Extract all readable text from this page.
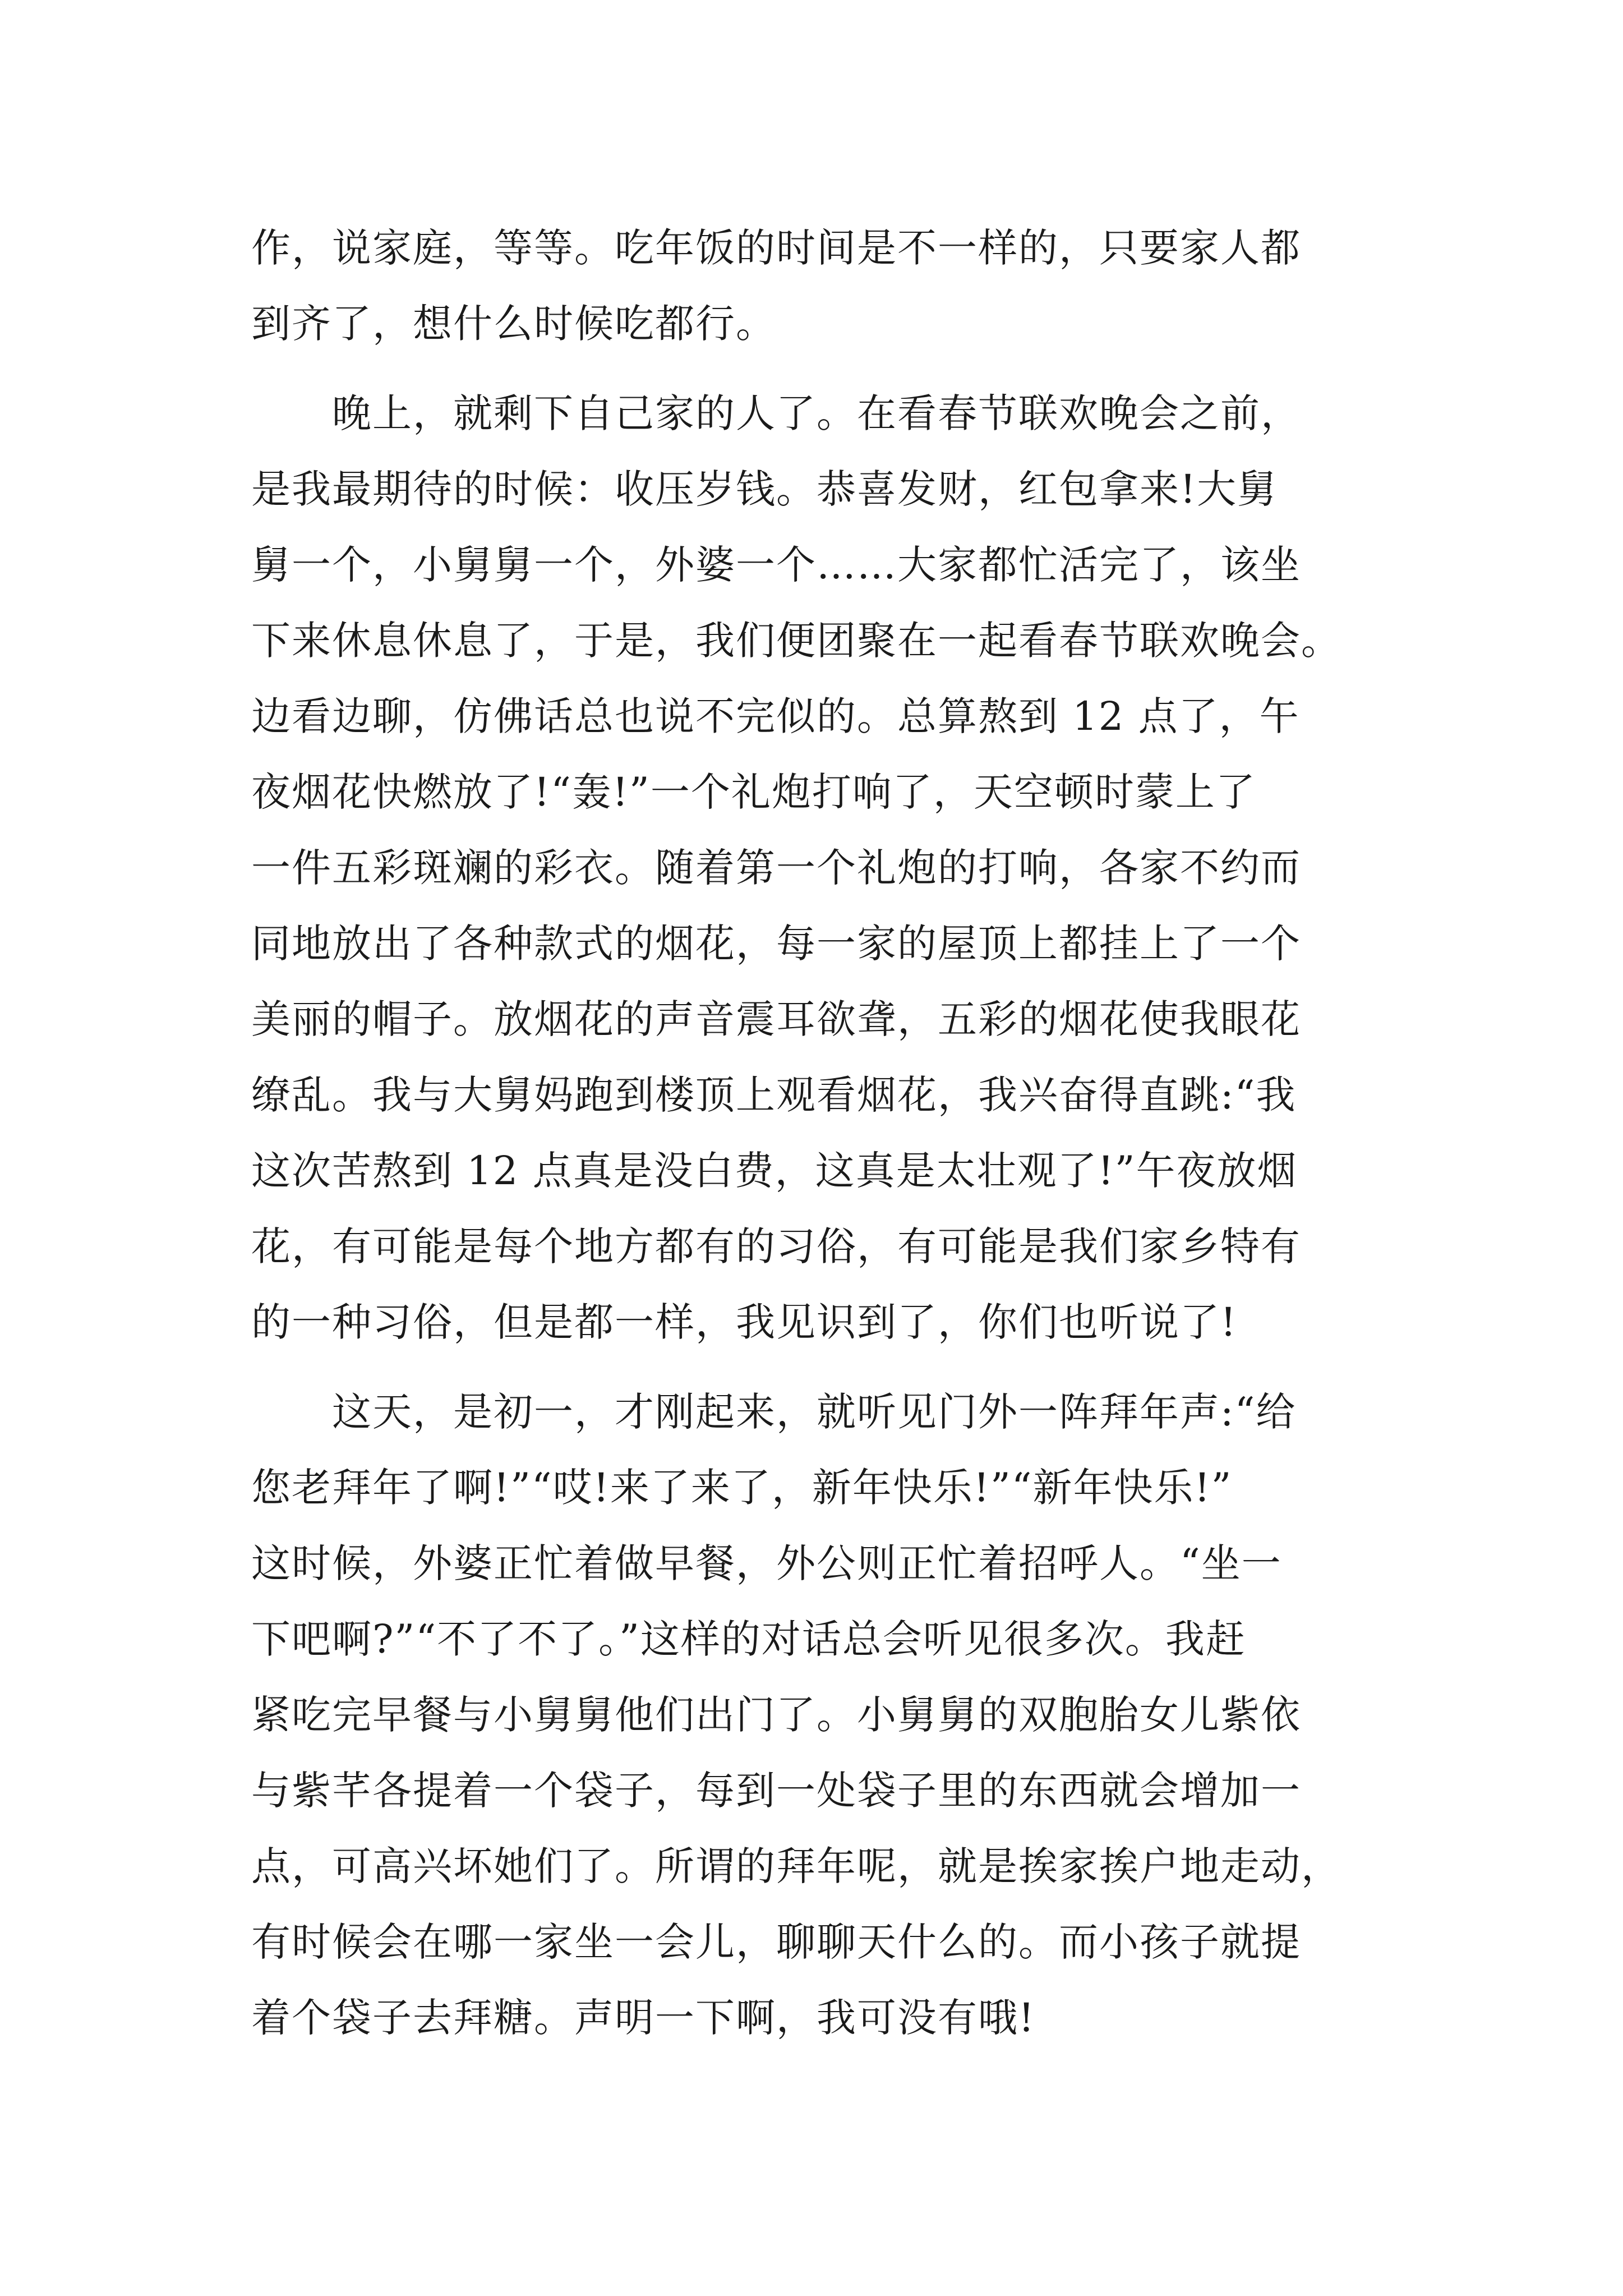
作，说家庭，等等。吃年饭的时间是不一样的，只要家人都
到齐了，想什么时候吃都行。
　　晚上，就剩下自己家的人了。在看春节联欢晚会之前，
是我最期待的时候：收压岁钱。恭喜发财，红包拿来!大舅
舅一个，小舅舅一个，外婆一个……大家都忙活完了，该坐
下来休息休息了，于是，我们便团聚在一起看春节联欢晚会。
边看边聊，仿佛话总也说不完似的。总算熬到 12 点了，午
夜烟花快燃放了!“轰!”一个礼炮打响了，天空顿时蒙上了
一件五彩斑斓的彩衣。随着第一个礼炮的打响，各家不约而
同地放出了各种款式的烟花，每一家的屋顶上都挂上了一个
美丽的帽子。放烟花的声音震耳欲聋，五彩的烟花使我眼花
缭乱。我与大舅妈跑到楼顶上观看烟花，我兴奋得直跳:“我
这次苦熬到 12 点真是没白费，这真是太壮观了!”午夜放烟
花，有可能是每个地方都有的习俗，有可能是我们家乡特有
的一种习俗，但是都一样，我见识到了，你们也听说了!
　　这天，是初一，才刚起来，就听见门外一阵拜年声:“给
您老拜年了啊!”“哎!来了来了，新年快乐!”“新年快乐!”
这时候，外婆正忙着做早餐，外公则正忙着招呼人。“坐一
下吧啊?”“不了不了。”这样的对话总会听见很多次。我赶
紧吃完早餐与小舅舅他们出门了。小舅舅的双胞胎女儿紫依
与紫芊各提着一个袋子，每到一处袋子里的东西就会增加一
点，可高兴坏她们了。所谓的拜年呢，就是挨家挨户地走动，
有时候会在哪一家坐一会儿，聊聊天什么的。而小孩子就提
着个袋子去拜糖。声明一下啊，我可没有哦!
